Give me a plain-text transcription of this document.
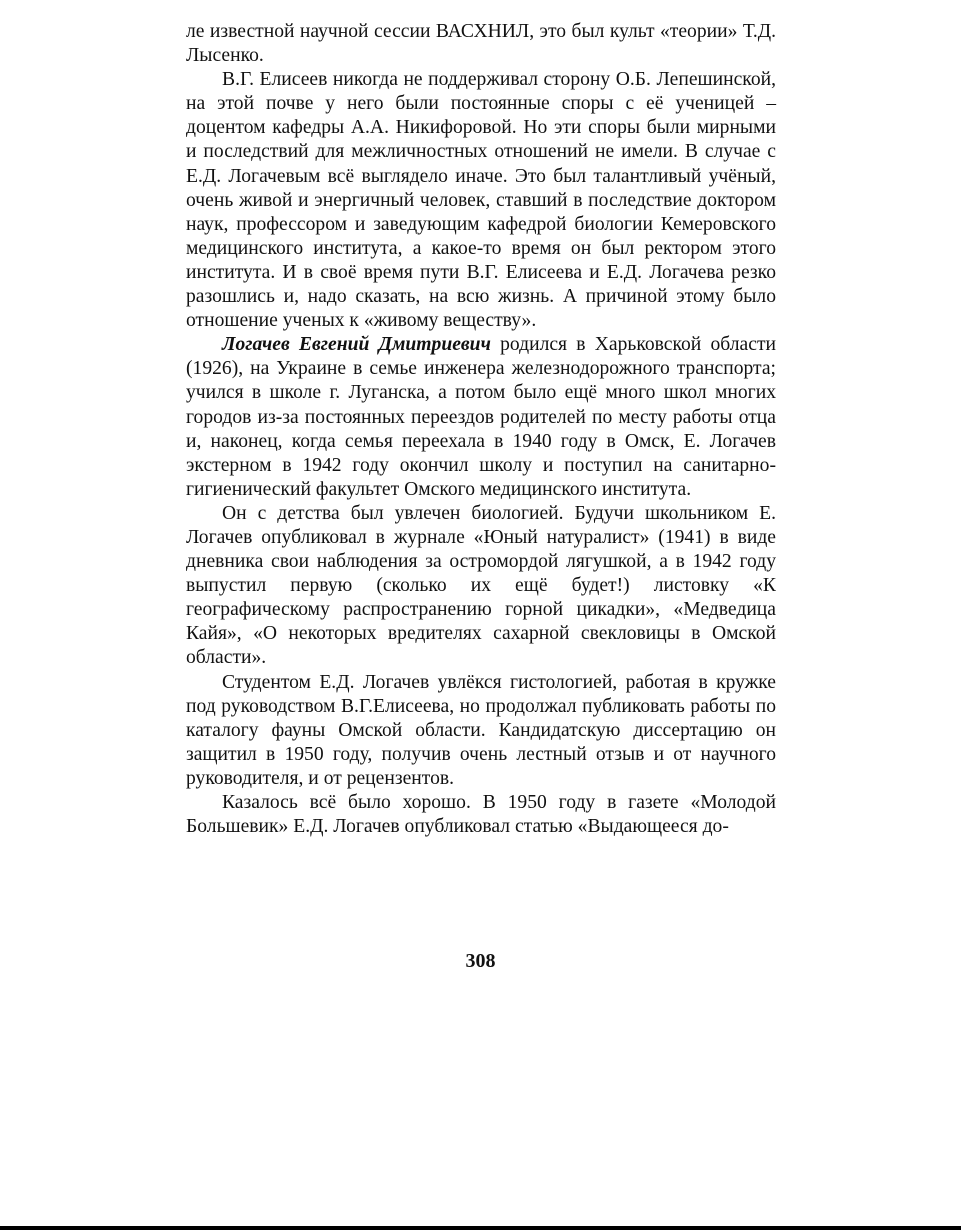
ле известной научной сессии ВАСХНИЛ, это был культ «теории» Т.Д. Лысенко.

В.Г. Елисеев никогда не поддерживал сторону О.Б. Лепешинской, на этой почве у него были постоянные споры с её ученицей – доцентом кафедры А.А. Никифоровой. Но эти споры были мирными и последствий для межличностных отношений не имели. В случае с Е.Д. Логачевым всё выглядело иначе. Это был талантливый учёный, очень живой и энергичный человек, ставший в последствие доктором наук, профессором и заведующим кафедрой биологии Кемеровского медицинского института, а какое-то время он был ректором этого института. И в своё время пути В.Г. Елисеева и Е.Д. Логачева резко разошлись и, надо сказать, на всю жизнь. А причиной этому было отношение ученых к «живому веществу».

Логачев Евгений Дмитриевич родился в Харьковской области (1926), на Украине в семье инженера железнодорожного транспорта; учился в школе г. Луганска, а потом было ещё много школ многих городов из-за постоянных переездов родителей по месту работы отца и, наконец, когда семья переехала в 1940 году в Омск, Е. Логачев экстерном в 1942 году окончил школу и поступил на санитарно-гигиенический факультет Омского медицинского института.

Он с детства был увлечен биологией. Будучи школьником Е. Логачев опубликовал в журнале «Юный натуралист» (1941) в виде дневника свои наблюдения за остромордой лягушкой, а в 1942 году выпустил первую (сколько их ещё будет!) листовку «К географическому распространению горной цикадки», «Медведица Кайя», «О некоторых вредителях сахарной свекловицы в Омской области».

Студентом Е.Д. Логачев увлёкся гистологией, работая в кружке под руководством В.Г.Елисеева, но продолжал публиковать работы по каталогу фауны Омской области. Кандидатскую диссертацию он защитил в 1950 году, получив очень лестный отзыв и от научного руководителя, и от рецензентов.

Казалось всё было хорошо. В 1950 году в газете «Молодой Большевик» Е.Д. Логачев опубликовал статью «Выдающееся до-

308
